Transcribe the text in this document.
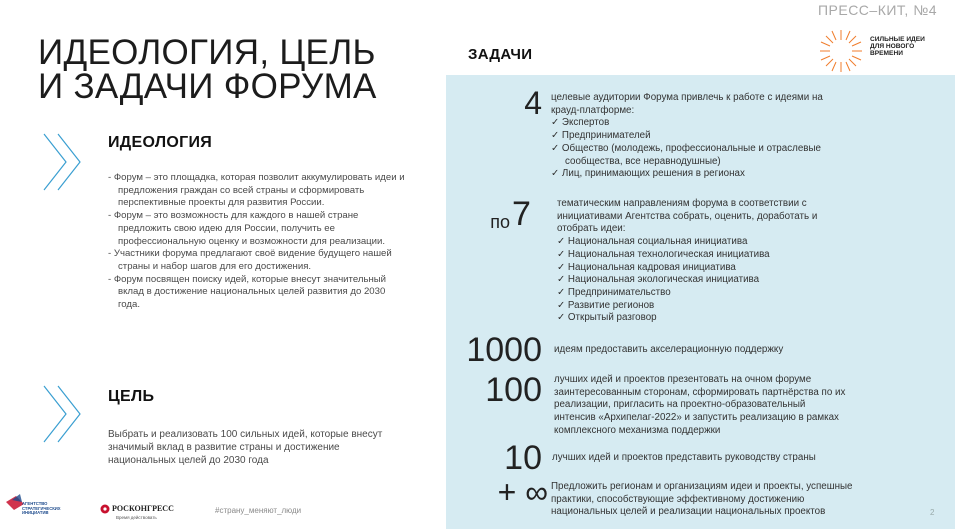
ПРЕСС–КИТ, №4
ИДЕОЛОГИЯ, ЦЕЛЬ
И ЗАДАЧИ ФОРУМА
ИДЕОЛОГИЯ
- Форум – это площадка, которая позволит аккумулировать идеи и предложения граждан со всей страны и сформировать перспективные проекты для развития России.
- Форум – это возможность для каждого в нашей стране предложить свою идею для России, получить ее профессиональную оценку и возможности для реализации.
- Участники форума предлагают своё видение будущего нашей страны и набор шагов для его достижения.
- Форум посвящен поиску идей, которые внесут значительный вклад в достижение национальных целей развития до 2030 года.
ЦЕЛЬ
Выбрать и реализовать 100 сильных идей, которые внесут значимый вклад в развитие страны и достижение национальных целей до 2030 года
ЗАДАЧИ
СИЛЬНЫЕ ИДЕИ
ДЛЯ НОВОГО
ВРЕМЕНИ
4 целевые аудитории Форума привлечь к работе с идеями на
крауд-платформе:
✓ Экспертов
✓ Предпринимателей
✓ Общество (молодежь, профессиональные и отраслевые
сообщества, все неравнодушные)
✓ Лиц, принимающих решения в регионах
по 7	тематическим направлениям форума в соответствии с
инициативами Агентства собрать, оценить, доработать и
отобрать идеи:
✓ Национальная социальная инициатива
✓ Национальная технологическая инициатива
✓ Национальная кадровая инициатива
✓ Национальная экологическая инициатива
✓ Предпринимательство
✓ Развитие регионов
✓ Открытый разговор
1000 идеям предоставить акселерационную поддержку
100 лучших идей и проектов презентовать на очном форуме
заинтересованным сторонам, сформировать партнёрства по их
реализации, пригласить на проектно-образовательный
интенсив «Архипелаг-2022» и запустить реализацию в рамках
комплексного механизма поддержки
10 лучших идей и проектов представить руководству страны
+ ∞ Предложить регионам и организациям идеи и проекты, успешные
практики, способствующие эффективному достижению
национальных целей и реализации национальных проектов
АГЕНТСТВО
СТРАТЕГИЧЕСКИХ
ИНИЦИАТИВ	РОСКОНГРЕСС
Время действовать
#страну_меняют_люди	2
